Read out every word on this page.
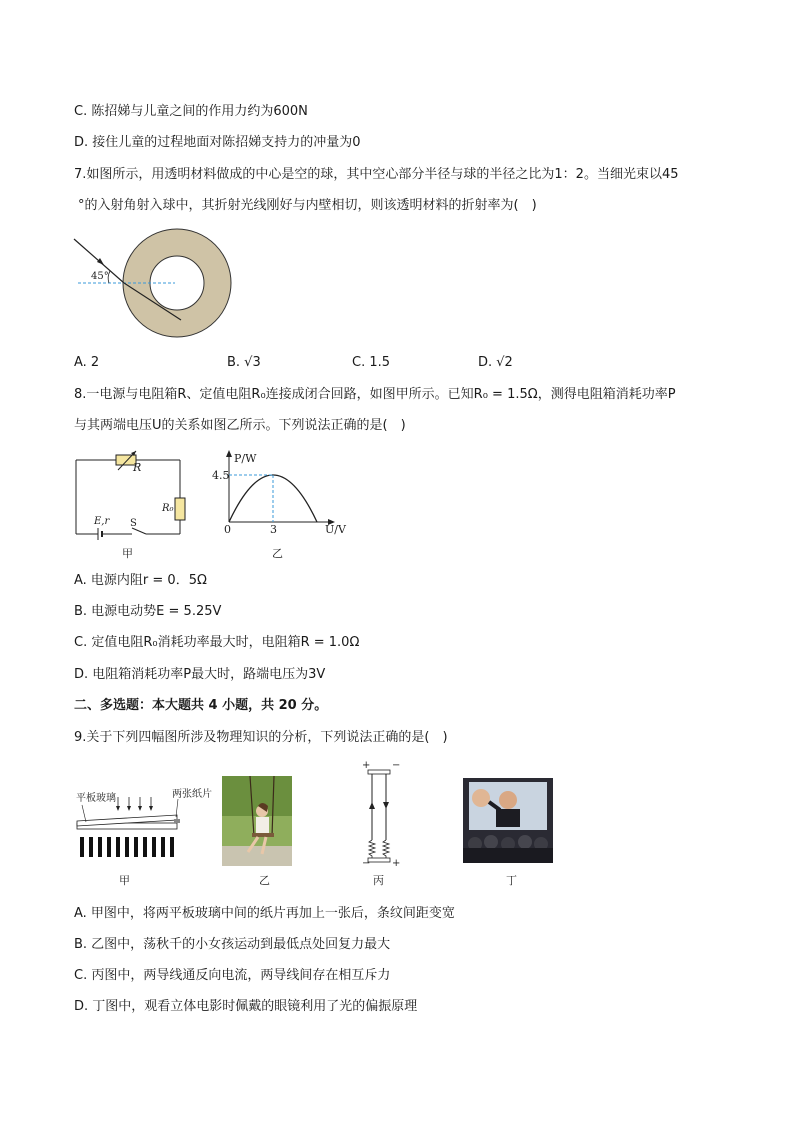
C. 陈招娣与儿童之间的作用力约为600N
D. 接住儿童的过程地面对陈招娣支持力的冲量为0
7.如图所示，用透明材料做成的中心是空的球，其中空心部分半径与球的半径之比为1：2。当细光束以45
°的入射角射入球中，其折射光线刚好与内壁相切，则该透明材料的折射率为(　)
45°
A. 2	B. √3	C. 1.5	D. √2
8.一电源与电阻箱R、定值电阻R₀连接成闭合回路，如图甲所示。已知R₀ = 1.5Ω，测得电阻箱消耗功率P
与其两端电压U的关系如图乙所示。下列说法正确的是(　)
R
R₀
E,r S
甲
P/W
4.5
0	3	U/V
乙
A. 电源内阻r = 0．5Ω
B. 电源电动势E = 5.25V
C. 定值电阻R₀消耗功率最大时，电阻箱R = 1.0Ω
D. 电阻箱消耗功率P最大时，路端电压为3V
二、多选题：本大题共 4 小题，共 20 分。
9.关于下列四幅图所涉及物理知识的分析，下列说法正确的是(　)
平板玻璃	两张纸片
甲	乙
+ −
− +
丙	丁
A. 甲图中，将两平板玻璃中间的纸片再加上一张后，条纹间距变宽
B. 乙图中，荡秋千的小女孩运动到最低点处回复力最大
C. 丙图中，两导线通反向电流，两导线间存在相互斥力
D. 丁图中，观看立体电影时佩戴的眼镜利用了光的偏振原理
